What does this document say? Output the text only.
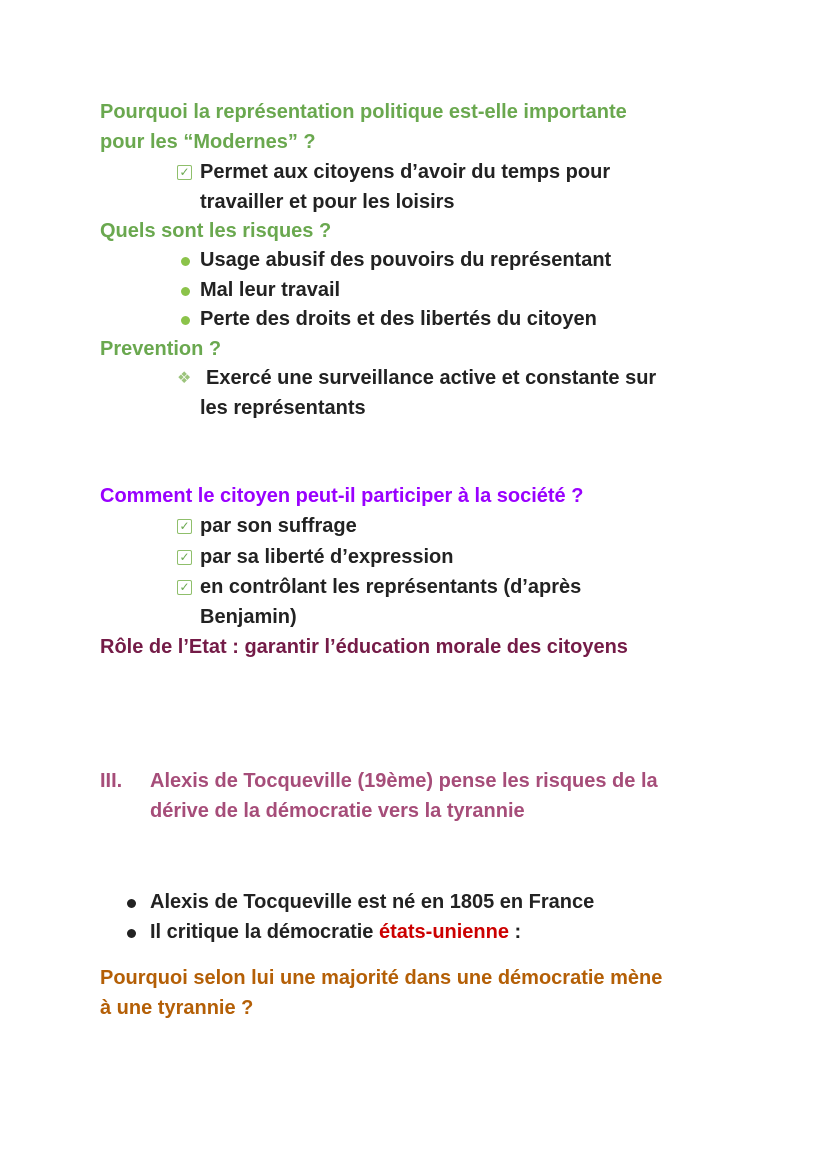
Pourquoi la représentation politique est-elle importante
pour les “Modernes” ?
✓ Permet aux citoyens d’avoir du temps pour
travailler et pour les loisirs
Quels sont les risques ?
Usage abusif des pouvoirs du représentant
Mal leur travail
Perte des droits et des libertés du citoyen
Prevention ?
❖ Exercé une surveillance active et constante sur
les représentants
Comment le citoyen peut-il participer à la société ?
✓ par son suffrage
✓ par sa liberté d’expression
✓ en contrôlant les représentants (d’après
Benjamin)
Rôle de l’Etat : garantir l’éducation morale des citoyens
III.	Alexis de Tocqueville (19ème) pense les risques de la
dérive de la démocratie vers la tyrannie
Alexis de Tocqueville est né en 1805 en France
Il critique la démocratie états-unienne :
Pourquoi selon lui une majorité dans une démocratie mène
à une tyrannie ?
